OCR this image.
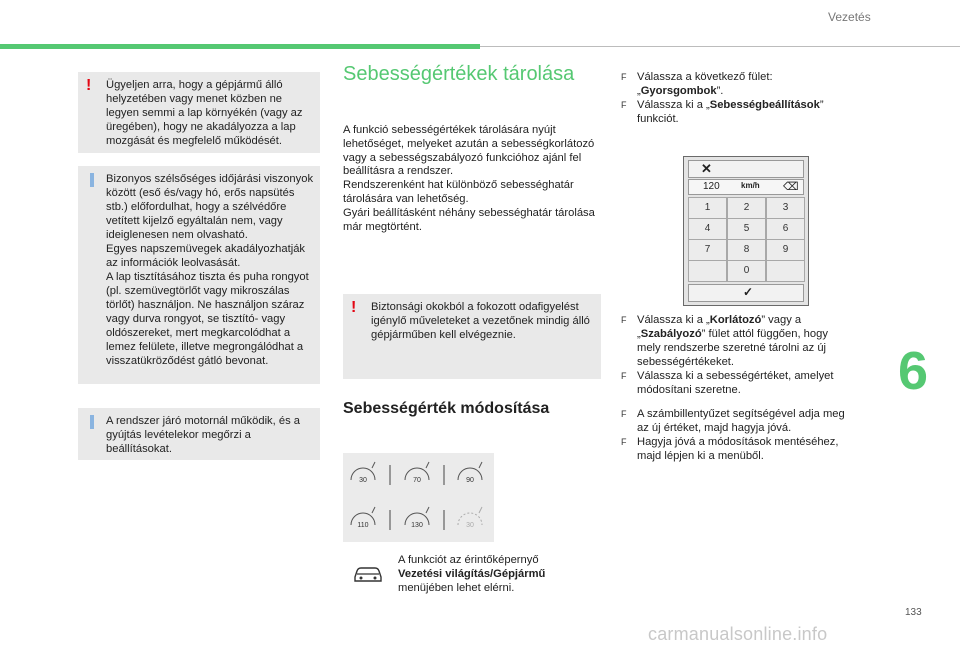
Vezetés
6
133
carmanualsonline.info
! Ügyeljen arra, hogy a gépjármű álló helyzetében vagy menet közben ne legyen semmi a lap környékén (vagy az üregében), hogy ne akadályozza a lap mozgását és megfelelő működését.

Bizonyos szélsőséges időjárási viszonyok között (eső és/vagy hó, erős napsütés stb.) előfordulhat, hogy a szélvédőre vetített kijelző egyáltalán nem, vagy ideiglenesen nem olvasható.

Egyes napszemüvegek akadályozhatják az információk leolvasását.

A lap tisztításához tiszta és puha rongyot (pl. szemüvegtörlőt vagy mikroszálas törlőt) használjon. Ne használjon száraz vagy durva rongyot, se tisztító- vagy oldószereket, mert megkarcolódhat a lemez felülete, illetve megrongálódhat a visszatükröződést gátló bevonat.

A rendszer járó motornál működik, és a gyújtás levételekor megőrzi a beállításokat.
Sebességértékek tárolása

A funkció sebességértékek tárolására nyújt lehetőséget, melyeket azután a sebességkorlátozó vagy a sebességszabályozó funkcióhoz ajánl fel beállításra a rendszer.

Rendszerenként hat különböző sebességhatár tárolására van lehetőség.

Gyári beállításként néhány sebességhatár tárolása már megtörtént.

! Biztonsági okokból a fokozott odafigyelést igénylő műveleteket a vezetőnek mindig álló gépjárműben kell elvégeznie.
Sebességérték módosítása
30	70	90
110	130	30
A funkciót az érintőképernyő
Vezetési világítás/Gépjármű
menüjében lehet elérni.

F Válassza a következő fület: „Gyorsgombok”.

F Válassza ki a „Sebességbeállítások” funkciót.

✕
120	km/h ⌫
1	2	3
4	5	6
7	8	9
0
✓

F Válassza ki a „Korlátozó” vagy a „Szabályozó” fület attól függően, hogy mely rendszerbe szeretné tárolni az új sebességértékeket.

F Válassza ki a sebességértéket, amelyet módosítani szeretne.

F A számbillentyűzet segítségével adja meg az új értéket, majd hagyja jóvá.

F Hagyja jóvá a módosítások mentéséhez, majd lépjen ki a menüből.
